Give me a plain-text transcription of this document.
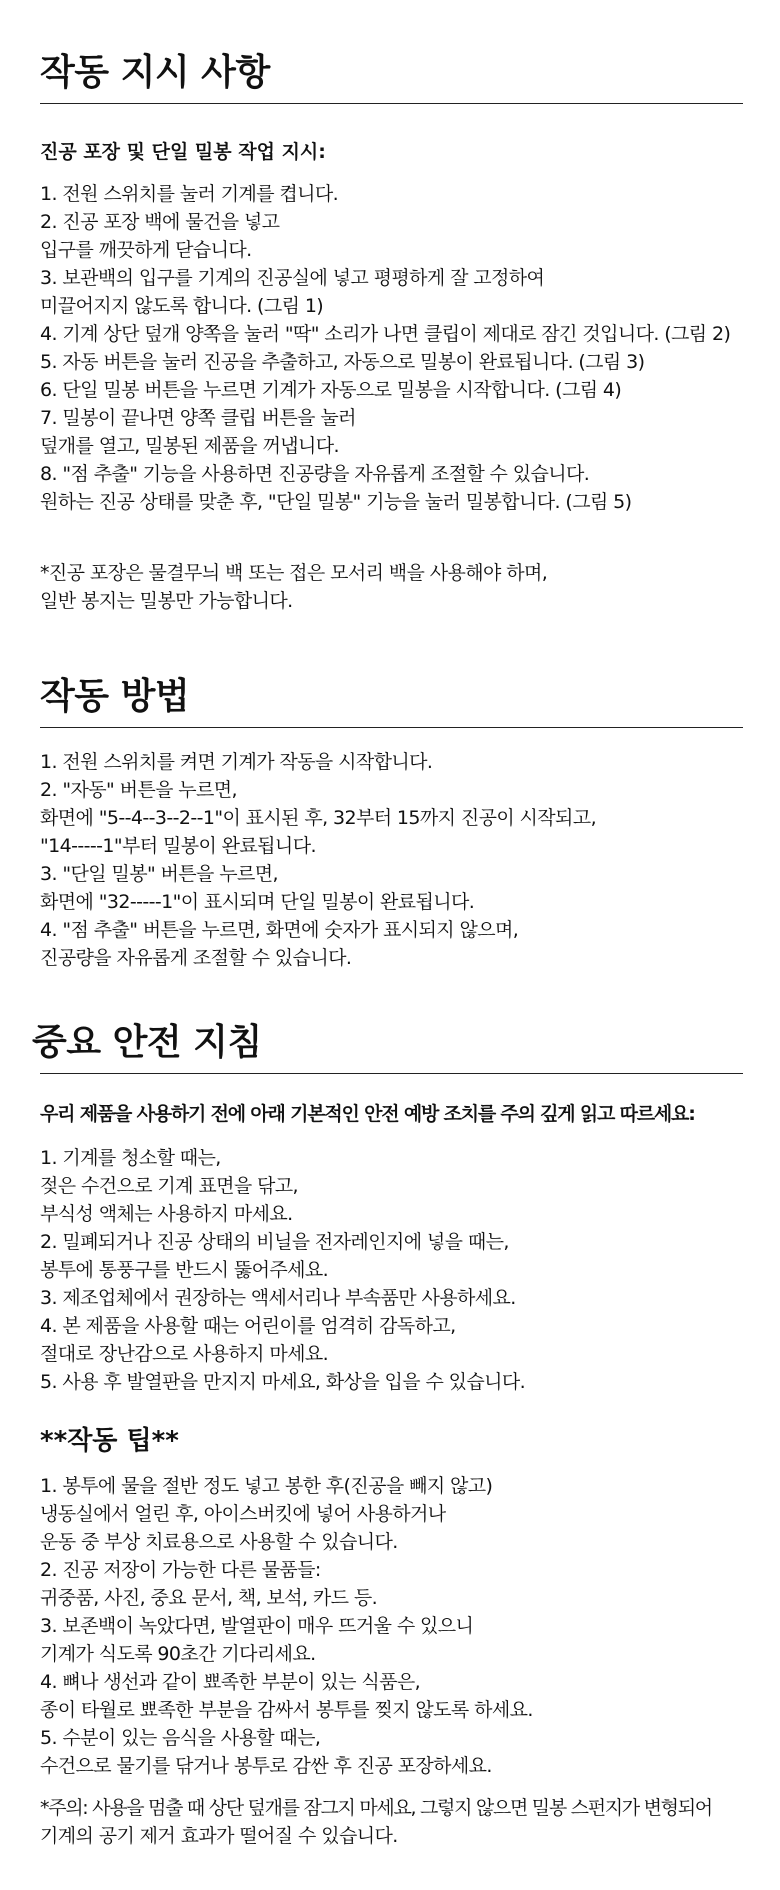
작동 지시 사항
진공 포장 및 단일 밀봉 작업 지시:
1. 전원 스위치를 눌러 기계를 켭니다.
2. 진공 포장 백에 물건을 넣고
입구를 깨끗하게 닫습니다.
3. 보관백의 입구를 기계의 진공실에 넣고 평평하게 잘 고정하여
미끌어지지 않도록 합니다. (그림 1)
4. 기계 상단 덮개 양쪽을 눌러 "딱" 소리가 나면 클립이 제대로 잠긴 것입니다. (그림 2)
5. 자동 버튼을 눌러 진공을 추출하고, 자동으로 밀봉이 완료됩니다. (그림 3)
6. 단일 밀봉 버튼을 누르면 기계가 자동으로 밀봉을 시작합니다. (그림 4)
7. 밀봉이 끝나면 양쪽 클립 버튼을 눌러
덮개를 열고, 밀봉된 제품을 꺼냅니다.
8. "점 추출" 기능을 사용하면 진공량을 자유롭게 조절할 수 있습니다.
원하는 진공 상태를 맞춘 후, "단일 밀봉" 기능을 눌러 밀봉합니다. (그림 5)
*진공 포장은 물결무늬 백 또는 접은 모서리 백을 사용해야 하며,
일반 봉지는 밀봉만 가능합니다.
작동 방법
1. 전원 스위치를 켜면 기계가 작동을 시작합니다.
2. "자동" 버튼을 누르면,
화면에 "5--4--3--2--1"이 표시된 후, 32부터 15까지 진공이 시작되고,
"14-----1"부터 밀봉이 완료됩니다.
3. "단일 밀봉" 버튼을 누르면,
화면에 "32-----1"이 표시되며 단일 밀봉이 완료됩니다.
4. "점 추출" 버튼을 누르면, 화면에 숫자가 표시되지 않으며,
진공량을 자유롭게 조절할 수 있습니다.
중요 안전 지침
우리 제품을 사용하기 전에 아래 기본적인 안전 예방 조치를 주의 깊게 읽고 따르세요:
1. 기계를 청소할 때는,
젖은 수건으로 기계 표면을 닦고,
부식성 액체는 사용하지 마세요.
2. 밀폐되거나 진공 상태의 비닐을 전자레인지에 넣을 때는,
봉투에 통풍구를 반드시 뚫어주세요.
3. 제조업체에서 권장하는 액세서리나 부속품만 사용하세요.
4. 본 제품을 사용할 때는 어린이를 엄격히 감독하고,
절대로 장난감으로 사용하지 마세요.
5. 사용 후 발열판을 만지지 마세요, 화상을 입을 수 있습니다.
**작동 팁**
1. 봉투에 물을 절반 정도 넣고 봉한 후(진공을 빼지 않고)
냉동실에서 얼린 후, 아이스버킷에 넣어 사용하거나
운동 중 부상 치료용으로 사용할 수 있습니다.
2. 진공 저장이 가능한 다른 물품들:
귀중품, 사진, 중요 문서, 책, 보석, 카드 등.
3. 보존백이 녹았다면, 발열판이 매우 뜨거울 수 있으니
기계가 식도록 90초간 기다리세요.
4. 뼈나 생선과 같이 뾰족한 부분이 있는 식품은,
종이 타월로 뾰족한 부분을 감싸서 봉투를 찢지 않도록 하세요.
5. 수분이 있는 음식을 사용할 때는,
수건으로 물기를 닦거나 봉투로 감싼 후 진공 포장하세요.
*주의: 사용을 멈출 때 상단 덮개를 잠그지 마세요, 그렇지 않으면 밀봉 스펀지가 변형되어
기계의 공기 제거 효과가 떨어질 수 있습니다.
